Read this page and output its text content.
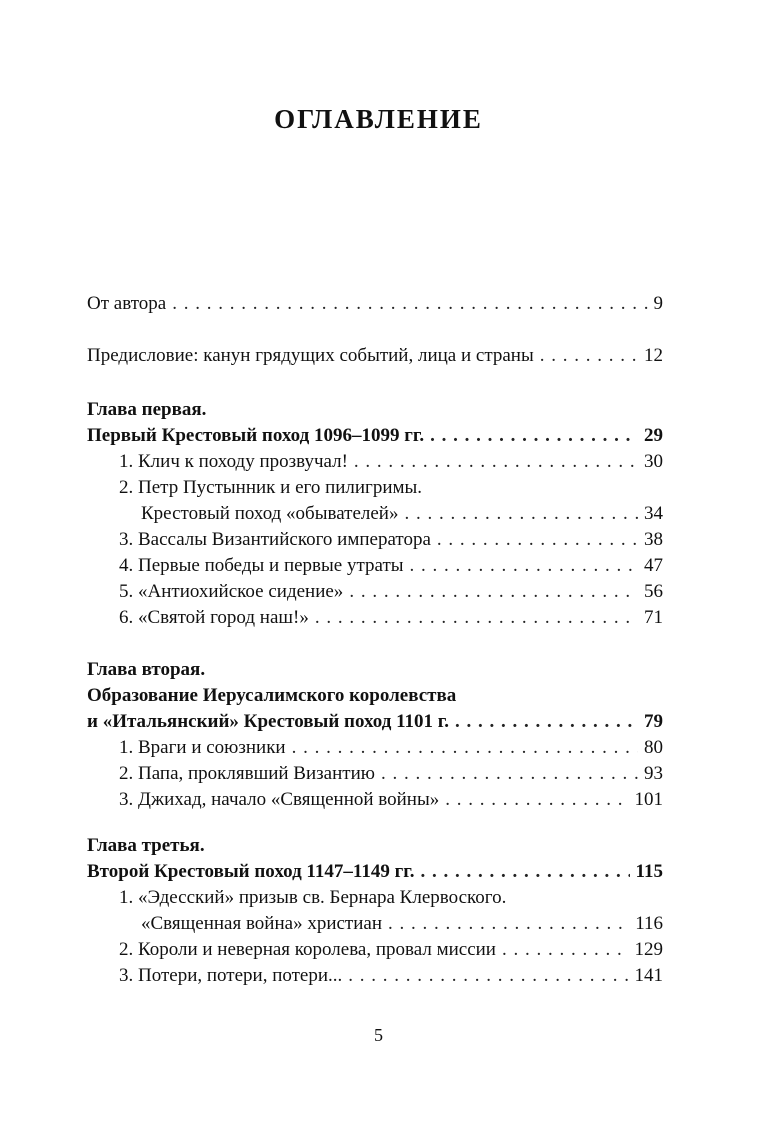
ОГЛАВЛЕНИЕ
От автора . . .	9
Предисловие: канун грядущих событий, лица и страны . . .	12
Глава первая.
Первый Крестовый поход 1096–1099 гг. . . .	29
1. Клич к походу прозвучал! . . .	30
2. Петр Пустынник и его пилигримы.
Крестовый поход «обывателей» . . .	34
3. Вассалы Византийского императора . . .	38
4. Первые победы и первые утраты . . .	47
5. «Антиохийское сидение» . . .	56
6. «Святой город наш!» . . .	71
Глава вторая.
Образование Иерусалимского королевства
и «Итальянский» Крестовый поход 1101 г. . . .	79
1. Враги и союзники . . .	80
2. Папа, проклявший Византию . . .	93
3. Джихад, начало «Священной войны» . . .	101
Глава третья.
Второй Крестовый поход 1147–1149 гг. . . .	115
1. «Эдесский» призыв св. Бернара Клервоского.
«Священная война» христиан . . .	116
2. Короли и неверная королева, провал миссии . . .	129
3. Потери, потери, потери... . . .	141
5
